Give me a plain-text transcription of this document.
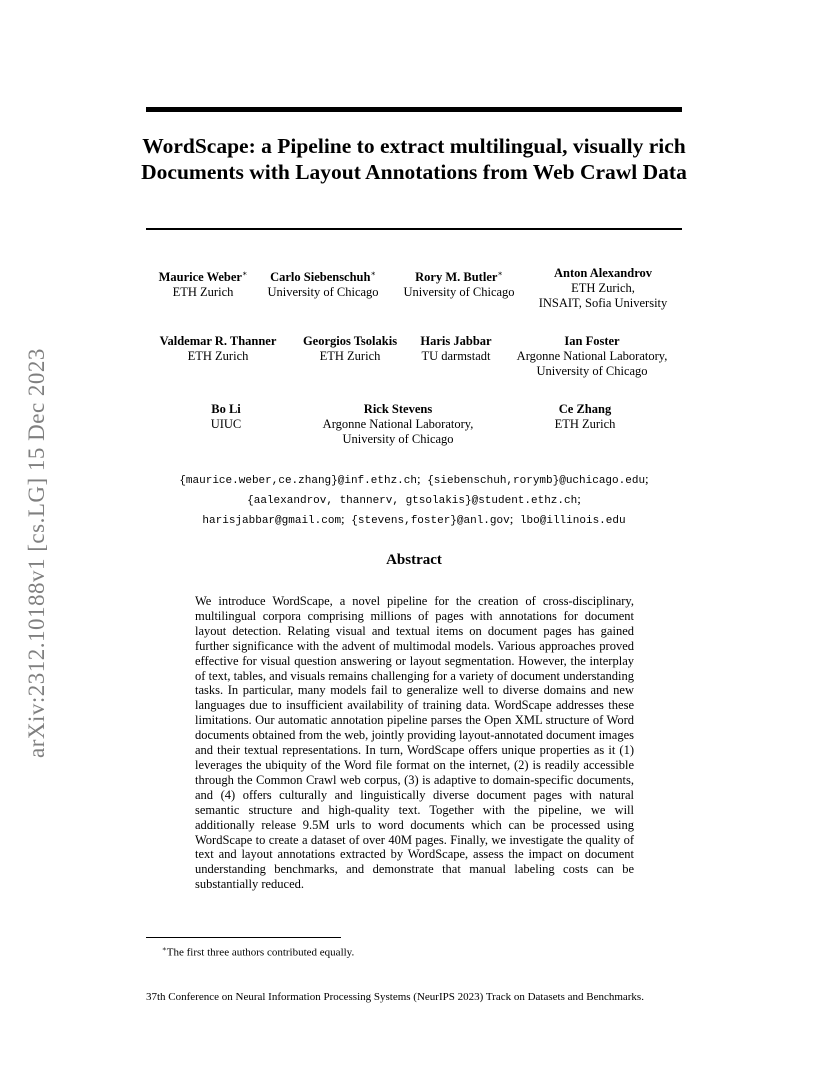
arXiv:2312.10188v1 [cs.LG] 15 Dec 2023
WordScape: a Pipeline to extract multilingual, visually rich Documents with Layout Annotations from Web Crawl Data
Maurice Weber∗
ETH Zurich
Carlo Siebenschuh∗
University of Chicago
Rory M. Butler∗
University of Chicago
Anton Alexandrov
ETH Zurich,
INSAIT, Sofia University
Valdemar R. Thanner
ETH Zurich
Georgios Tsolakis
ETH Zurich
Haris Jabbar
TU darmstadt
Ian Foster
Argonne National Laboratory,
University of Chicago
Bo Li
UIUC
Rick Stevens
Argonne National Laboratory,
University of Chicago
Ce Zhang
ETH Zurich
{maurice.weber,ce.zhang}@inf.ethz.ch; {siebenschuh,rorymb}@uchicago.edu;
{aalexandrov, thannerv, gtsolakis}@student.ethz.ch;
harisjabbar@gmail.com; {stevens,foster}@anl.gov; lbo@illinois.edu
Abstract
We introduce WordScape, a novel pipeline for the creation of cross-disciplinary, multilingual corpora comprising millions of pages with annotations for document layout detection. Relating visual and textual items on document pages has gained further significance with the advent of multimodal models. Various approaches proved effective for visual question answering or layout segmentation. However, the interplay of text, tables, and visuals remains challenging for a variety of document understanding tasks. In particular, many models fail to generalize well to diverse domains and new languages due to insufficient availability of training data. WordScape addresses these limitations. Our automatic annotation pipeline parses the Open XML structure of Word documents obtained from the web, jointly providing layout-annotated document images and their textual representations. In turn, WordScape offers unique properties as it (1) leverages the ubiquity of the Word file format on the internet, (2) is readily accessible through the Common Crawl web corpus, (3) is adaptive to domain-specific documents, and (4) offers culturally and linguistically diverse document pages with natural semantic structure and high-quality text. Together with the pipeline, we will additionally release 9.5M urls to word documents which can be processed using WordScape to create a dataset of over 40M pages. Finally, we investigate the quality of text and layout annotations extracted by WordScape, assess the impact on document understanding benchmarks, and demonstrate that manual labeling costs can be substantially reduced.
∗The first three authors contributed equally.
37th Conference on Neural Information Processing Systems (NeurIPS 2023) Track on Datasets and Benchmarks.
